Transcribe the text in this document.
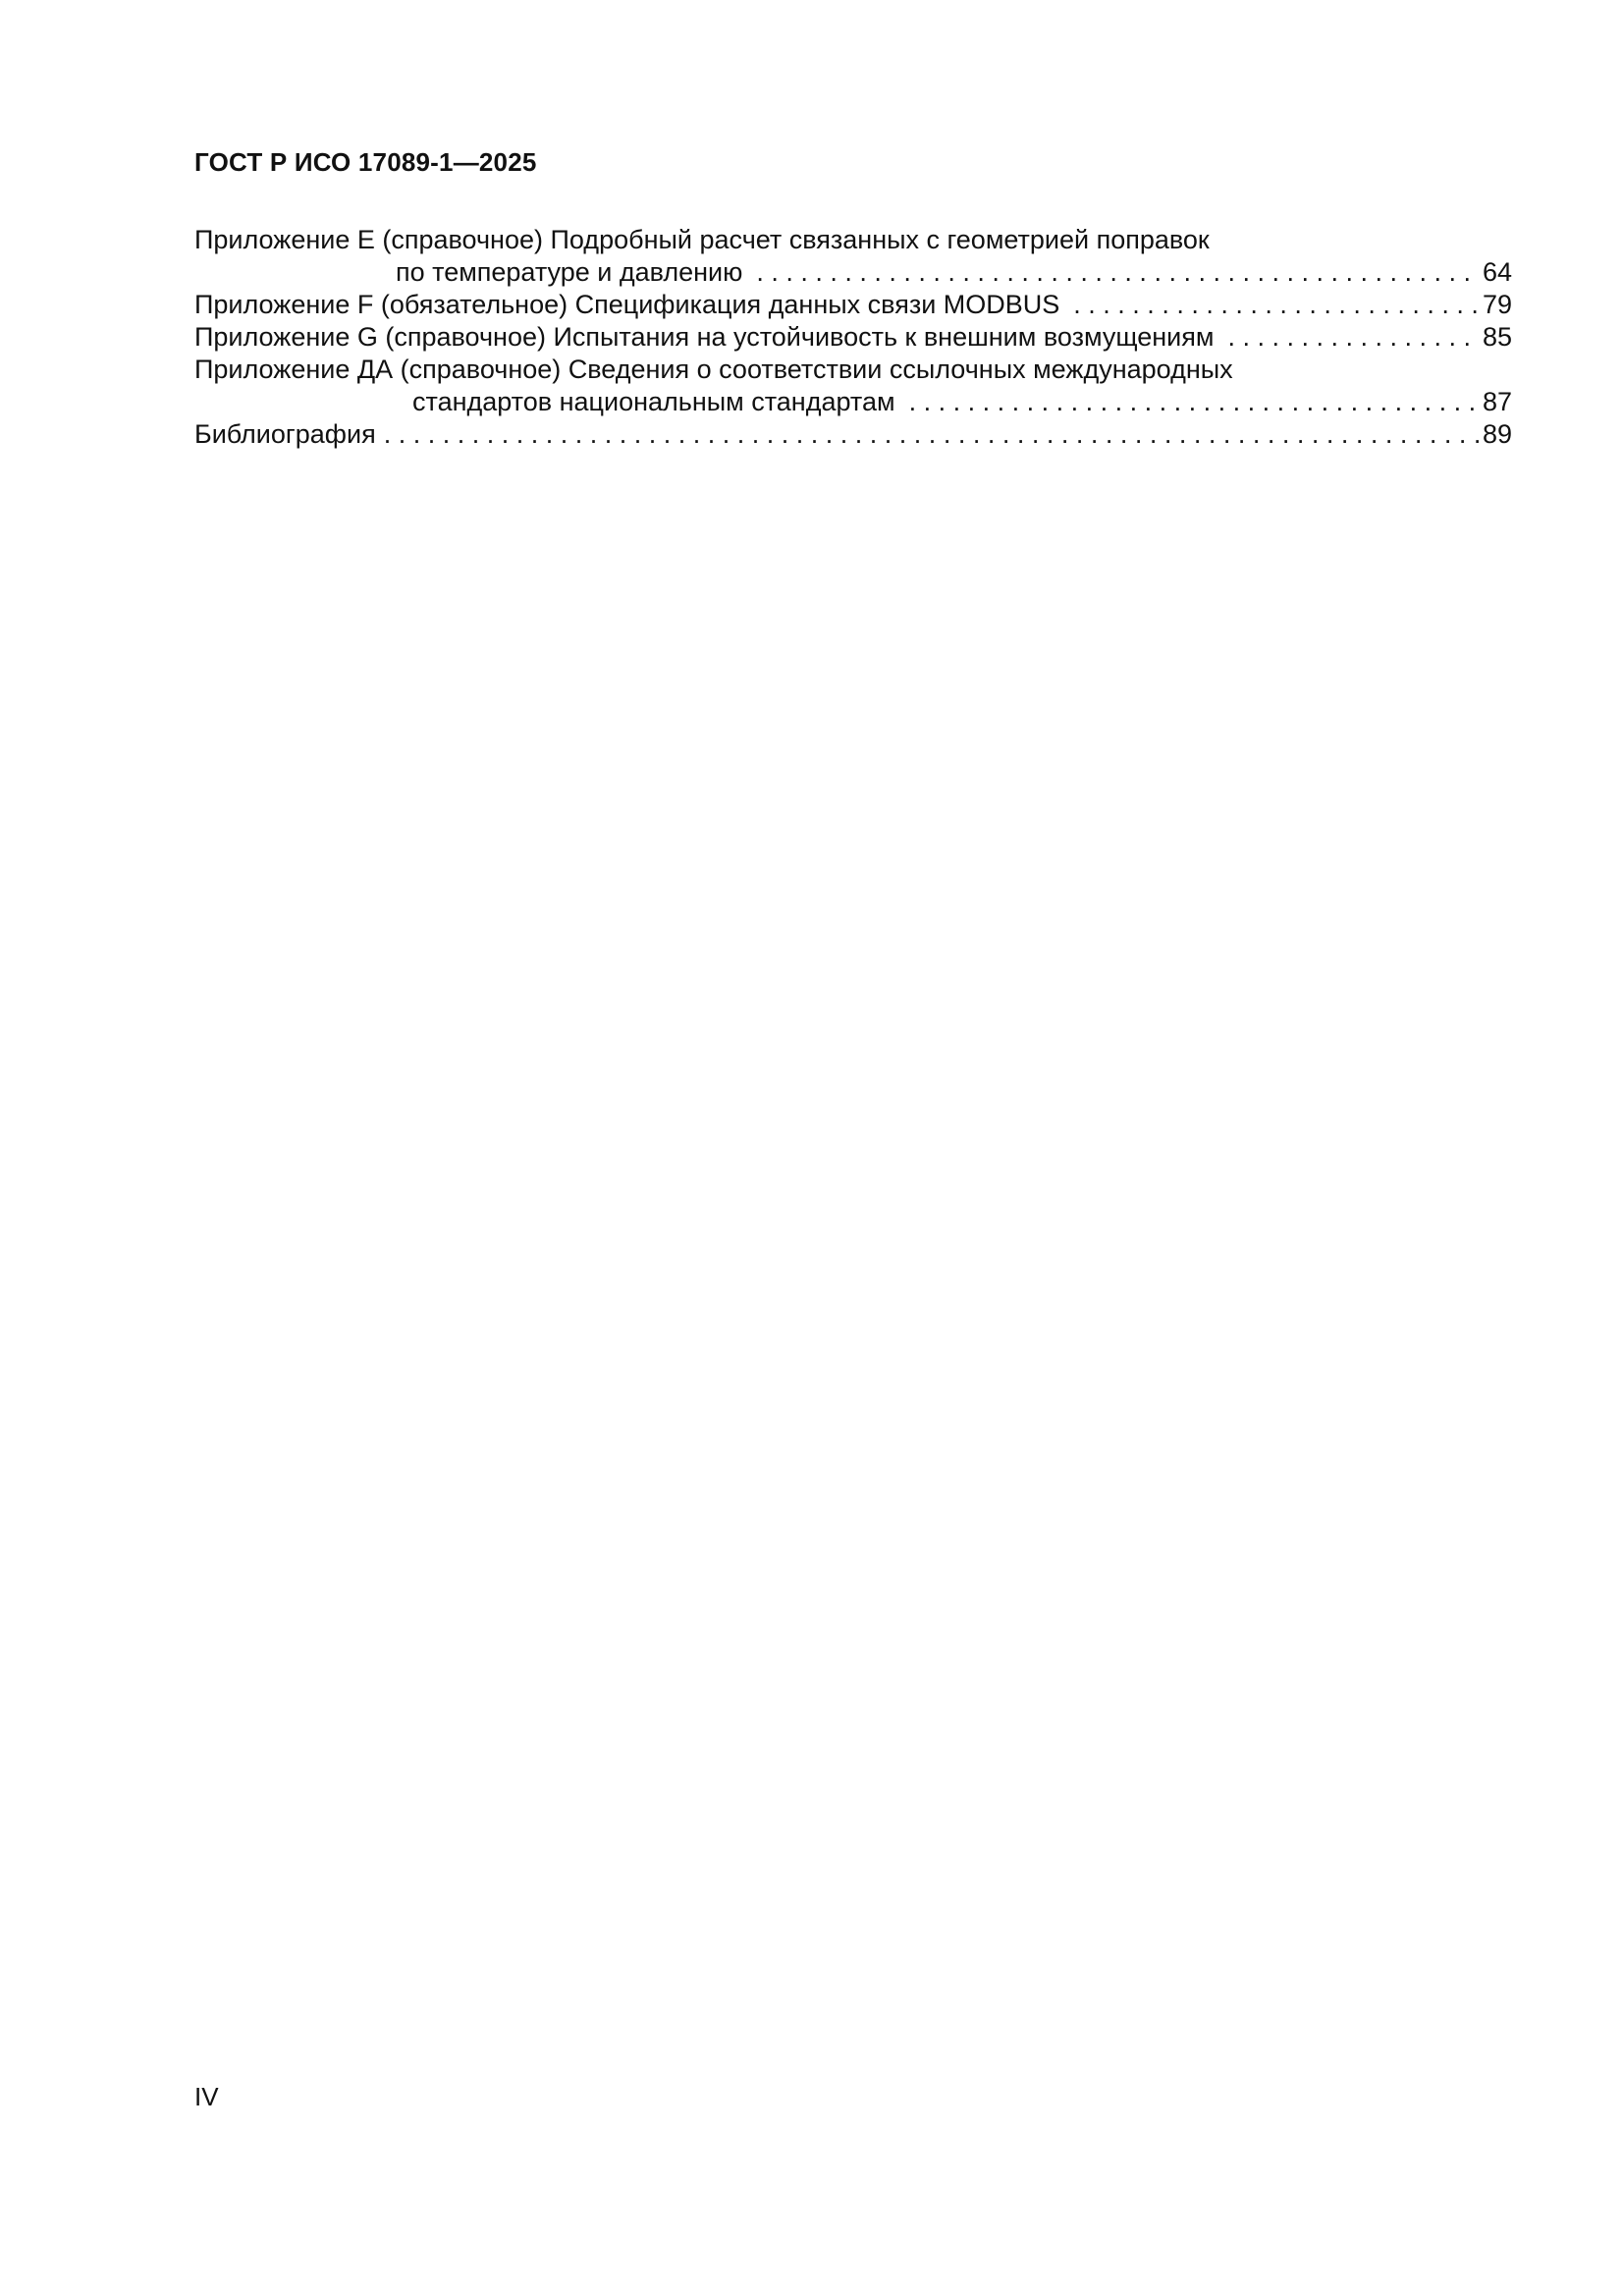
ГОСТ Р ИСО 17089-1—2025
Приложение E (справочное) Подробный расчет связанных с геометрией поправок
по температуре и давлению . . .	64
Приложение F (обязательное) Спецификация данных связи MODBUS . . .	79
Приложение G (справочное) Испытания на устойчивость к внешним возмущениям . . .	85
Приложение ДА (справочное) Сведения о соответствии ссылочных международных
стандартов национальным стандартам . . .	87
Библиография . . .	89
IV
